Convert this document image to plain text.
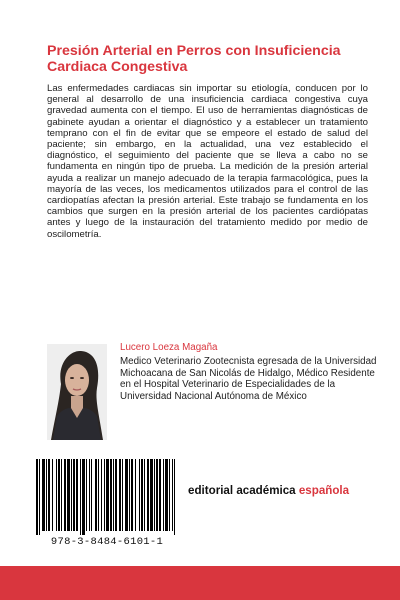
Presión Arterial en Perros con Insuficiencia Cardiaca Congestiva
Las enfermedades cardiacas sin importar su etiología, conducen por lo general al desarrollo de una insuficiencia cardiaca congestiva cuya gravedad aumenta con el tiempo. El uso de herramientas diagnósticas de gabinete ayudan a orientar el diagnóstico y a establecer un tratamiento temprano con el fin de evitar que se empeore el estado de salud del paciente; sin embargo, en la actualidad, una vez establecido el diagnóstico, el seguimiento del paciente que se lleva a cabo no se fundamenta en ningún tipo de prueba. La medición de la presión arterial ayuda a realizar un manejo adecuado de la terapia farmacológica, pues la mayoría de las veces, los medicamentos utilizados para el control de las cardiopatías afectan la presión arterial. Este trabajo se fundamenta en los cambios que surgen en la presión arterial de los pacientes cardiópatas antes y luego de la instauración del tratamiento medido por medio de oscilometría.
Lucero Loeza Magaña
Medico Veterinario Zootecnista egresada de la Universidad Michoacana de San Nicolás de Hidalgo, Médico Residente en el Hospital Veterinario de Especialidades de la Universidad Nacional Autónoma de México
978-3-8484-6101-1
editorial académica española
